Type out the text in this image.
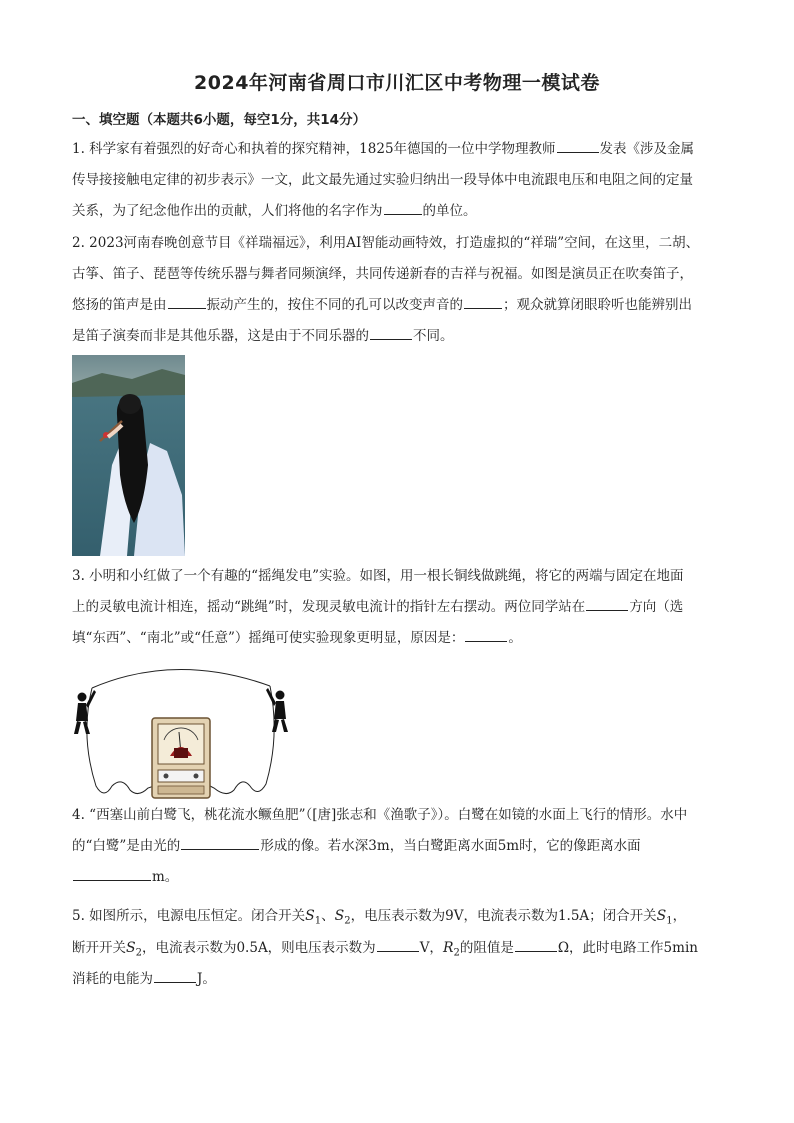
2024年河南省周口市川汇区中考物理一模试卷
一、填空题（本题共6小题，每空1分，共14分）
1. 科学家有着强烈的好奇心和执着的探究精神，1825年德国的一位中学物理教师	发表《涉及金属
传导接接触电定律的初步表示》一文，此文最先通过实验归纳出一段导体中电流跟电压和电阻之间的定量
关系，为了纪念他作出的贡献，人们将他的名字作为	的单位。
2. 2023河南春晚创意节目《祥瑞福远》，利用AI智能动画特效，打造虚拟的“祥瑞”空间，在这里，二胡、
古筝、笛子、琵琶等传统乐器与舞者同频演绎，共同传递新春的吉祥与祝福。如图是演员正在吹奏笛子，
悠扬的笛声是由	振动产生的，按住不同的孔可以改变声音的	；观众就算闭眼聆听也能辨别出
是笛子演奏而非是其他乐器，这是由于不同乐器的	不同。
3. 小明和小红做了一个有趣的“摇绳发电”实验。如图，用一根长铜线做跳绳，将它的两端与固定在地面
上的灵敏电流计相连，摇动“跳绳”时，发现灵敏电流计的指针左右摆动。两位同学站在	方向（选
填“东西”、“南北”或“任意”）摇绳可使实验现象更明显，原因是：	。
4. “西塞山前白鹭飞，桃花流水鳜鱼肥”（[唐]张志和《渔歌子》）。白鹭在如镜的水面上飞行的情形。水中
的“白鹭”是由光的	形成的像。若水深3m，当白鹭距离水面5m时，它的像距离水面
m。
5. 如图所示，电源电压恒定。闭合开关$S_1$、$S_2$，电压表示数为9V，电流表示数为1.5A；闭合开关$S_1$，
断开开关$S_2$，电流表示数为0.5A，则电压表示数为	V，$R_2$的阻值是	Ω，此时电路工作5min
消耗的电能为	J。
